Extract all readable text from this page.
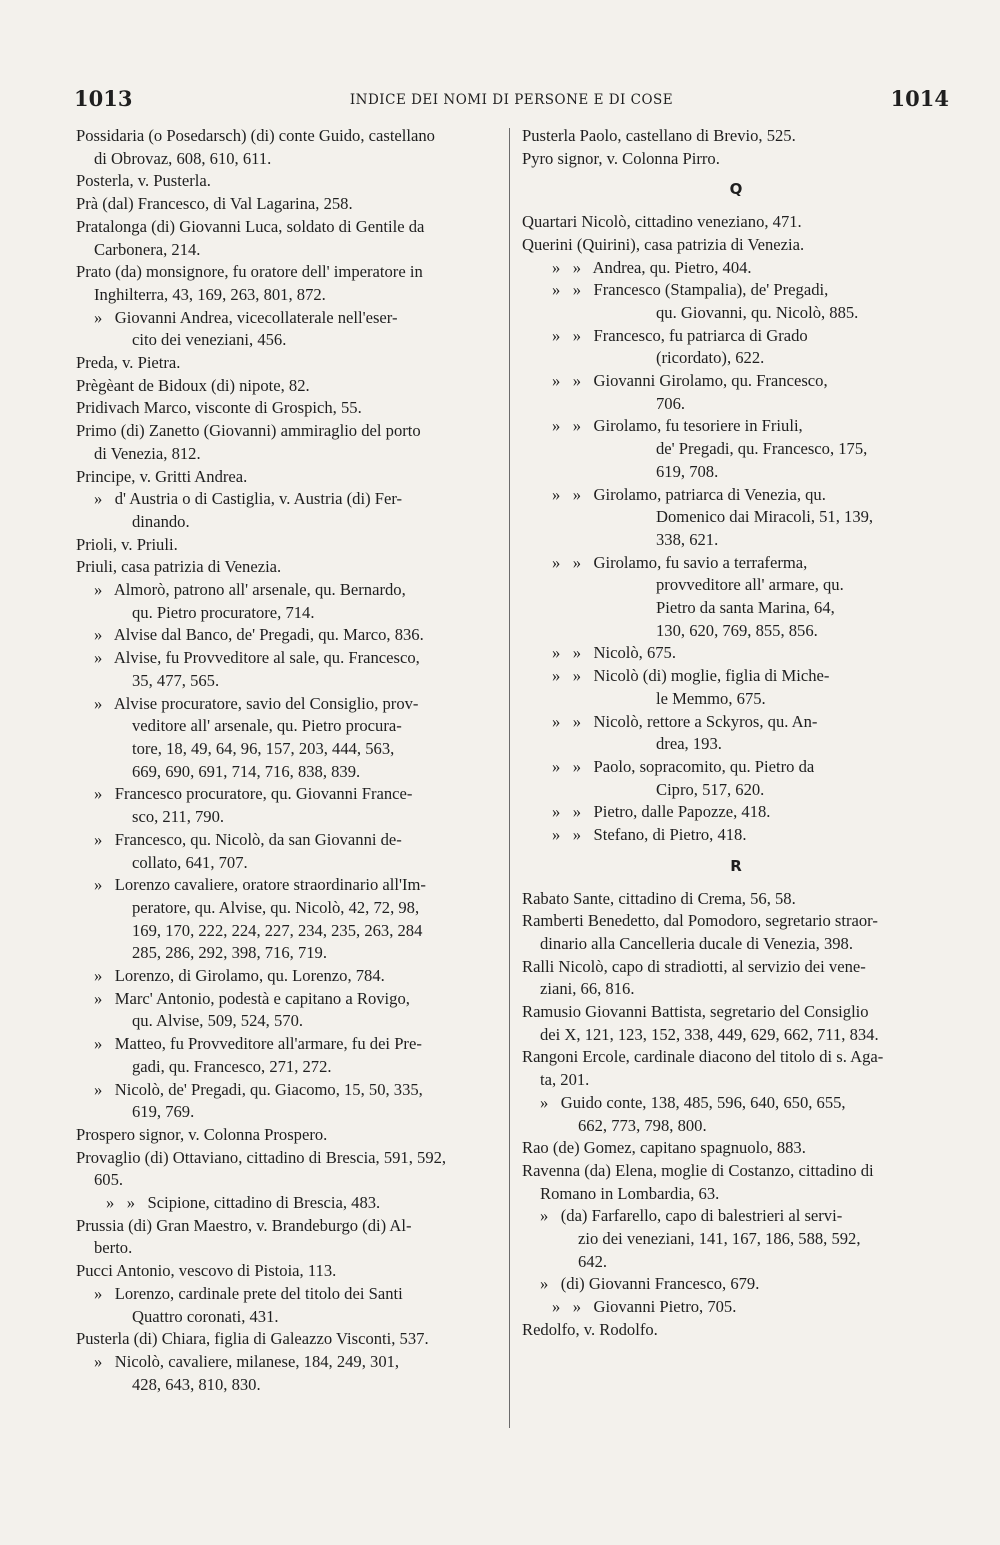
1013	INDICE DEI NOMI DI PERSONE E DI COSE	1014
Possidaria (o Posedarsch) (di) conte Guido, castellano
di Obrovaz, 608, 610, 611.
Posterla, v. Pusterla.
Prà (dal) Francesco, di Val Lagarina, 258.
Pratalonga (di) Giovanni Luca, soldato di Gentile da
Carbonera, 214.
Prato (da) monsignore, fu oratore dell' imperatore in
Inghilterra, 43, 169, 263, 801, 872.
»   Giovanni Andrea, vicecollaterale nell'eser-
cito dei veneziani, 456.
Preda, v. Pietra.
Prègèant de Bidoux (di) nipote, 82.
Pridivach Marco, visconte di Grospich, 55.
Primo (di) Zanetto (Giovanni) ammiraglio del porto
di Venezia, 812.
Principe, v. Gritti Andrea.
»   d' Austria o di Castiglia, v. Austria (di) Fer-
dinando.
Prioli, v. Priuli.
Priuli, casa patrizia di Venezia.
»   Almorò, patrono all' arsenale, qu. Bernardo,
qu. Pietro procuratore, 714.
»   Alvise dal Banco, de' Pregadi, qu. Marco, 836.
»   Alvise, fu Provveditore al sale, qu. Francesco,
35, 477, 565.
»   Alvise procuratore, savio del Consiglio, prov-
veditore all' arsenale, qu. Pietro procura-
tore, 18, 49, 64, 96, 157, 203, 444, 563,
669, 690, 691, 714, 716, 838, 839.
»   Francesco procuratore, qu. Giovanni France-
sco, 211, 790.
»   Francesco, qu. Nicolò, da san Giovanni de-
collato, 641, 707.
»   Lorenzo cavaliere, oratore straordinario all'Im-
peratore, qu. Alvise, qu. Nicolò, 42, 72, 98,
169, 170, 222, 224, 227, 234, 235, 263, 284
285, 286, 292, 398, 716, 719.
»   Lorenzo, di Girolamo, qu. Lorenzo, 784.
»   Marc' Antonio, podestà e capitano a Rovigo,
qu. Alvise, 509, 524, 570.
»   Matteo, fu Provveditore all'armare, fu dei Pre-
gadi, qu. Francesco, 271, 272.
»   Nicolò, de' Pregadi, qu. Giacomo, 15, 50, 335,
619, 769.
Prospero signor, v. Colonna Prospero.
Provaglio (di) Ottaviano, cittadino di Brescia, 591, 592,
605.
»   »   Scipione, cittadino di Brescia, 483.
Prussia (di) Gran Maestro, v. Brandeburgo (di) Al-
berto.
Pucci Antonio, vescovo di Pistoia, 113.
»   Lorenzo, cardinale prete del titolo dei Santi
Quattro coronati, 431.
Pusterla (di) Chiara, figlia di Galeazzo Visconti, 537.
»   Nicolò, cavaliere, milanese, 184, 249, 301,
428, 643, 810, 830.
Pusterla Paolo, castellano di Brevio, 525.
Pyro signor, v. Colonna Pirro.
Q
Quartari Nicolò, cittadino veneziano, 471.
Querini (Quirini), casa patrizia di Venezia.
»   »   Andrea, qu. Pietro, 404.
»   »   Francesco (Stampalia), de' Pregadi,
qu. Giovanni, qu. Nicolò, 885.
»   »   Francesco, fu patriarca di Grado
(ricordato), 622.
»   »   Giovanni Girolamo, qu. Francesco,
706.
»   »   Girolamo, fu tesoriere in Friuli,
de' Pregadi, qu. Francesco, 175,
619, 708.
»   »   Girolamo, patriarca di Venezia, qu.
Domenico dai Miracoli, 51, 139,
338, 621.
»   »   Girolamo, fu savio a terraferma,
provveditore all' armare, qu.
Pietro da santa Marina, 64,
130, 620, 769, 855, 856.
»   »   Nicolò, 675.
»   »   Nicolò (di) moglie, figlia di Miche-
le Memmo, 675.
»   »   Nicolò, rettore a Sckyros, qu. An-
drea, 193.
»   »   Paolo, sopracomito, qu. Pietro da
Cipro, 517, 620.
»   »   Pietro, dalle Papozze, 418.
»   »   Stefano, di Pietro, 418.
R
Rabato Sante, cittadino di Crema, 56, 58.
Ramberti Benedetto, dal Pomodoro, segretario straor-
dinario alla Cancelleria ducale di Venezia, 398.
Ralli Nicolò, capo di stradiotti, al servizio dei vene-
ziani, 66, 816.
Ramusio Giovanni Battista, segretario del Consiglio
dei X, 121, 123, 152, 338, 449, 629, 662, 711, 834.
Rangoni Ercole, cardinale diacono del titolo di s. Aga-
ta, 201.
»   Guido conte, 138, 485, 596, 640, 650, 655,
662, 773, 798, 800.
Rao (de) Gomez, capitano spagnuolo, 883.
Ravenna (da) Elena, moglie di Costanzo, cittadino di
Romano in Lombardia, 63.
»   (da) Farfarello, capo di balestrieri al servi-
zio dei veneziani, 141, 167, 186, 588, 592,
642.
»   (di) Giovanni Francesco, 679.
»   »   Giovanni Pietro, 705.
Redolfo, v. Rodolfo.
